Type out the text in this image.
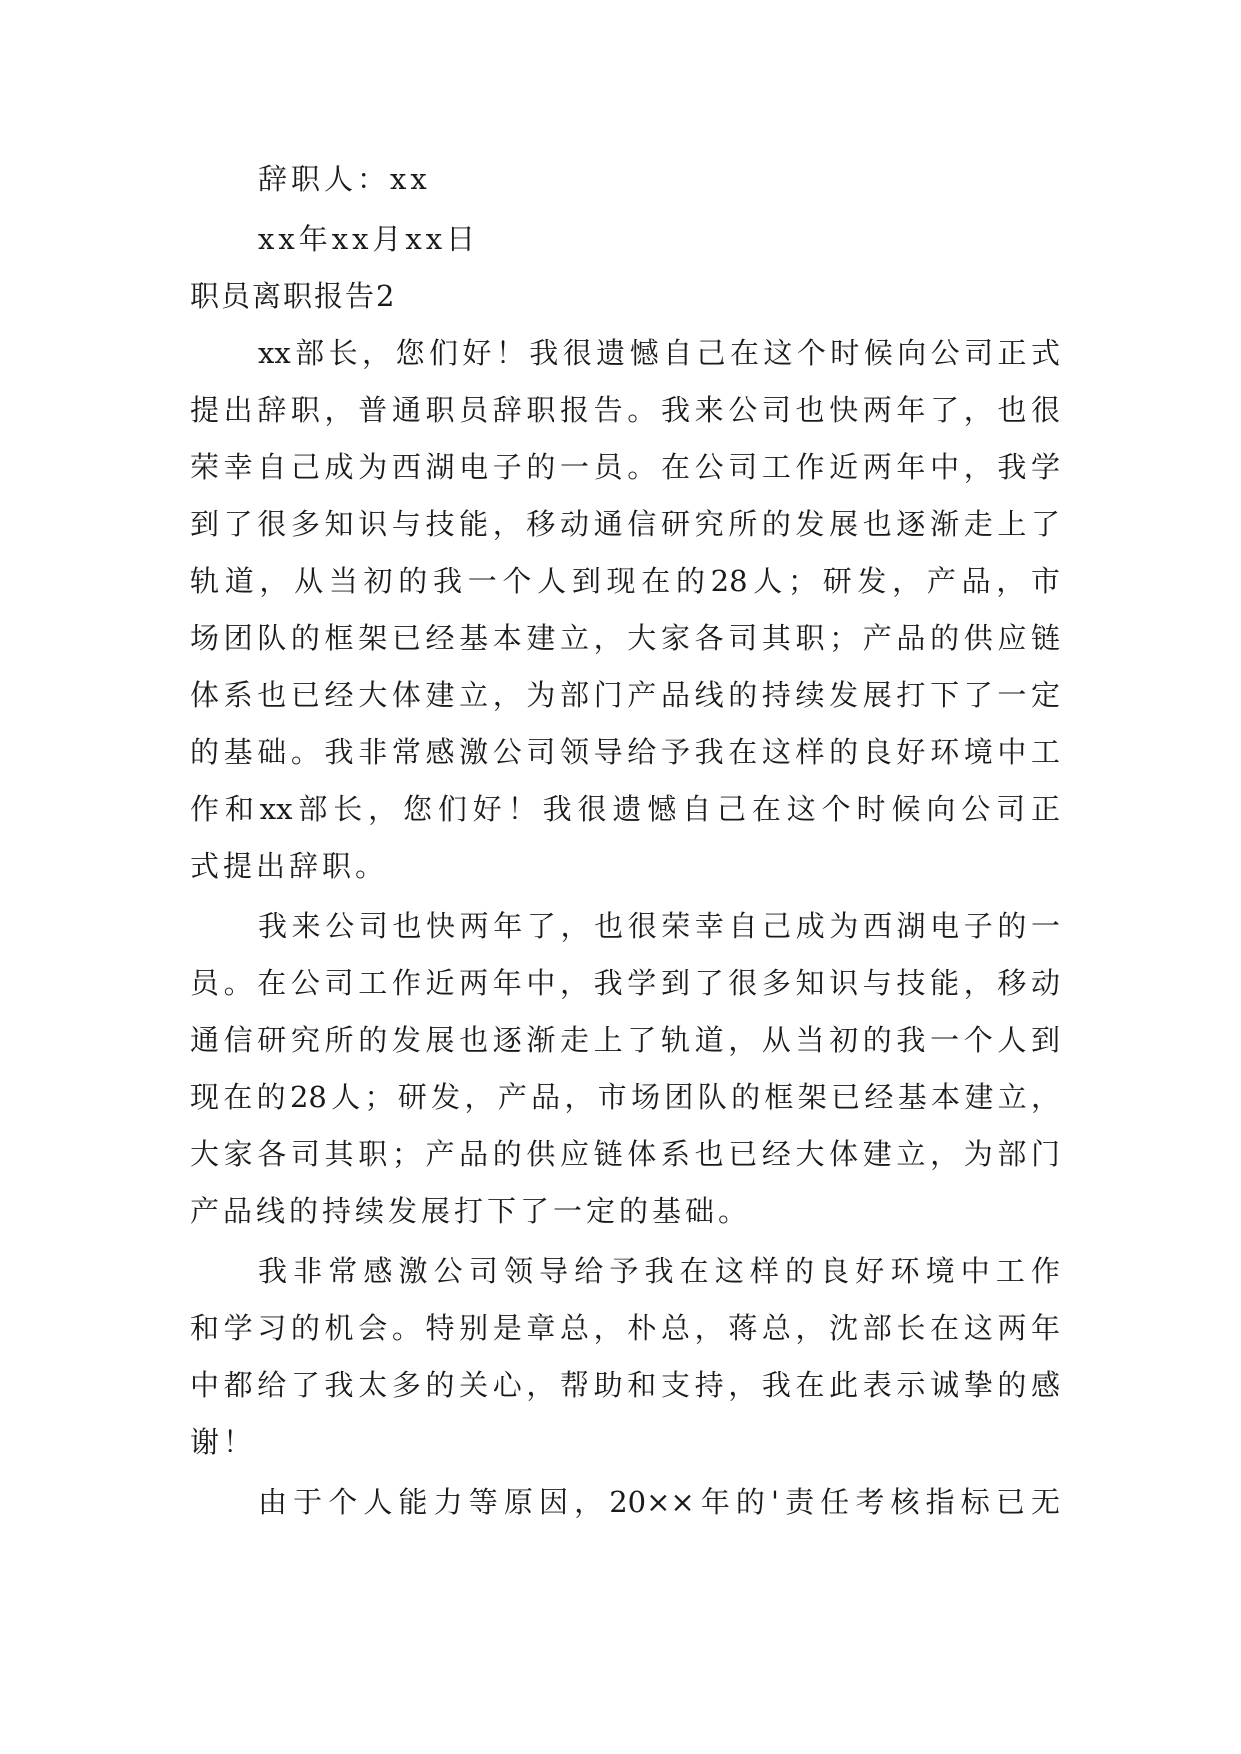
辞职人：xx
xx年xx月xx日
职员离职报告2
xx部长，您们好！我很遗憾自己在这个时候向公司正式
提出辞职，普通职员辞职报告。我来公司也快两年了，也很
荣幸自己成为西湖电子的一员。在公司工作近两年中，我学
到了很多知识与技能，移动通信研究所的发展也逐渐走上了
轨道，从当初的我一个人到现在的28人；研发，产品，市
场团队的框架已经基本建立，大家各司其职；产品的供应链
体系也已经大体建立，为部门产品线的持续发展打下了一定
的基础。我非常感激公司领导给予我在这样的良好环境中工
作和xx部长，您们好！我很遗憾自己在这个时候向公司正
式提出辞职。
我来公司也快两年了，也很荣幸自己成为西湖电子的一
员。在公司工作近两年中，我学到了很多知识与技能，移动
通信研究所的发展也逐渐走上了轨道，从当初的我一个人到
现在的28人；研发，产品，市场团队的框架已经基本建立，
大家各司其职；产品的供应链体系也已经大体建立，为部门
产品线的持续发展打下了一定的基础。
我非常感激公司领导给予我在这样的良好环境中工作
和学习的机会。特别是章总，朴总，蒋总，沈部长在这两年
中都给了我太多的关心，帮助和支持，我在此表示诚挚的感
谢！
由于个人能力等原因，20××年的'责任考核指标已无
